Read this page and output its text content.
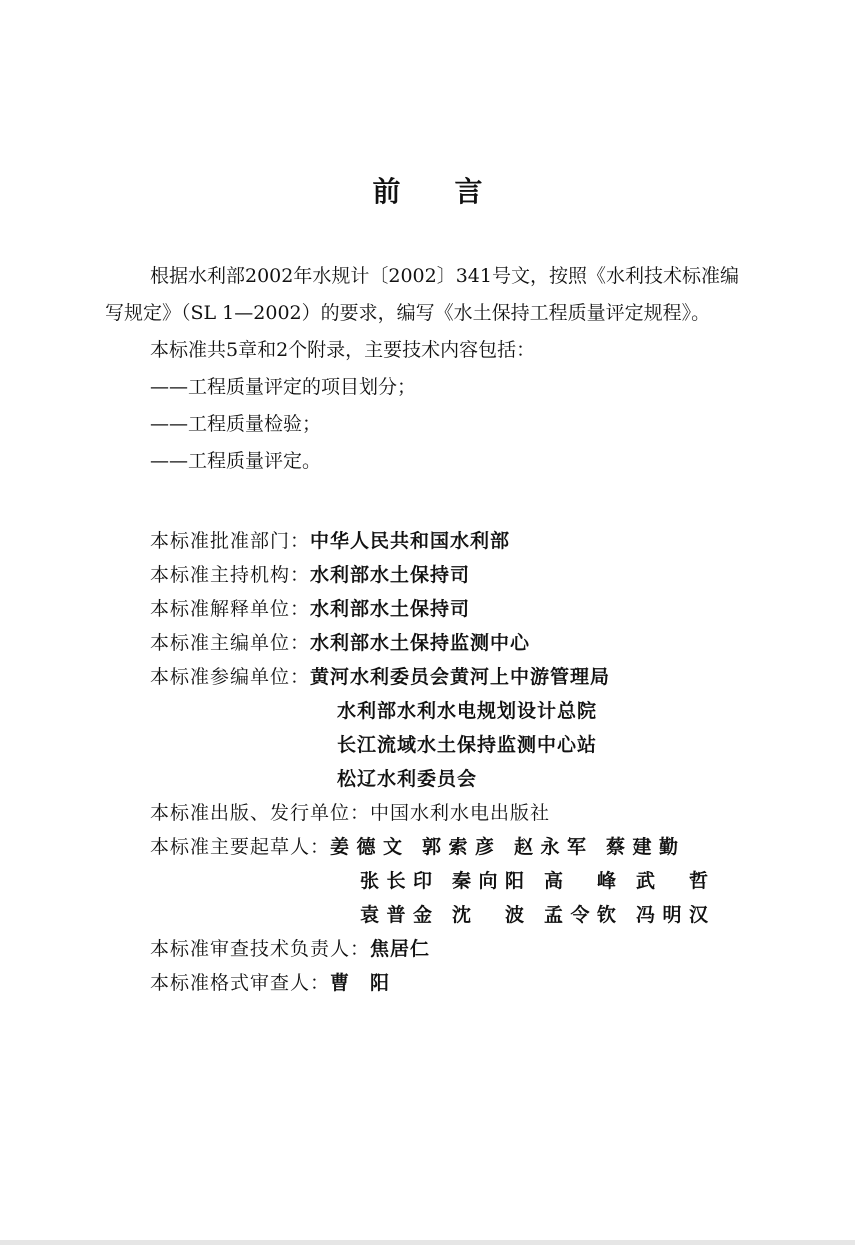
前言

根据水利部2002年水规计〔2002〕341号文，按照《水利技术标准编写规定》（SL 1—2002）的要求，编写《水土保持工程质量评定规程》。

本标准共5章和2个附录，主要技术内容包括：

——工程质量评定的项目划分；

——工程质量检验；

——工程质量评定。

本标准批准部门： 中华人民共和国水利部
本标准主持机构： 水利部水土保持司
本标准解释单位： 水利部水土保持司
本标准主编单位： 水利部水土保持监测中心
本标准参编单位： 黄河水利委员会黄河上中游管理局
水利部水利水电规划设计总院
长江流域水土保持监测中心站
松辽水利委员会
本标准出版、发行单位： 中国水利水电出版社
本标准主要起草人： 姜德文 郭索彦 赵永军 蔡建勤
张长印 秦向阳 高　峰 武　哲
袁普金 沈　波 孟令钦 冯明汉
本标准审查技术负责人： 焦居仁
本标准格式审查人： 曹　阳
